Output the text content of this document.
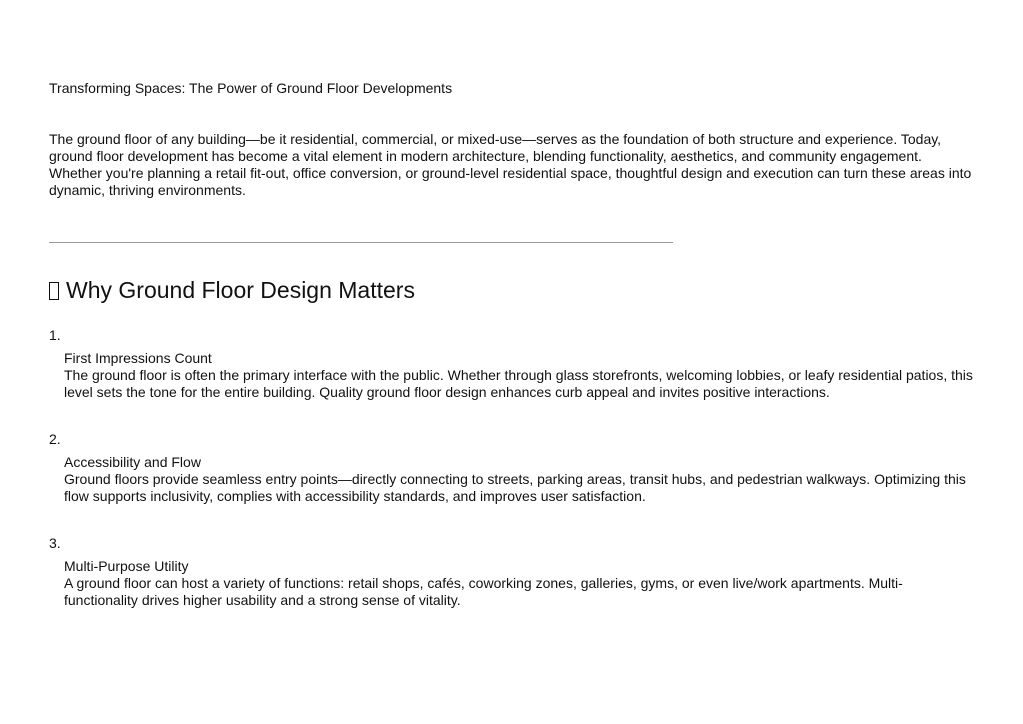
Transforming Spaces: The Power of Ground Floor Developments

The ground floor of any building—be it residential, commercial, or mixed-use—serves as the foundation of both structure and experience. Today, ground floor development has become a vital element in modern architecture, blending functionality, aesthetics, and community engagement. Whether you're planning a retail fit-out, office conversion, or ground-level residential space, thoughtful design and execution can turn these areas into dynamic, thriving environments.

Why Ground Floor Design Matters
1.
First Impressions Count
The ground floor is often the primary interface with the public. Whether through glass storefronts, welcoming lobbies, or leafy residential patios, this level sets the tone for the entire building. Quality ground floor design enhances curb appeal and invites positive interactions.
2.
Accessibility and Flow
Ground floors provide seamless entry points—directly connecting to streets, parking areas, transit hubs, and pedestrian walkways. Optimizing this flow supports inclusivity, complies with accessibility standards, and improves user satisfaction.
3.
Multi-Purpose Utility
A ground floor can host a variety of functions: retail shops, cafés, coworking zones, galleries, gyms, or even live/work apartments. Multi-functionality drives higher usability and a strong sense of vitality.
